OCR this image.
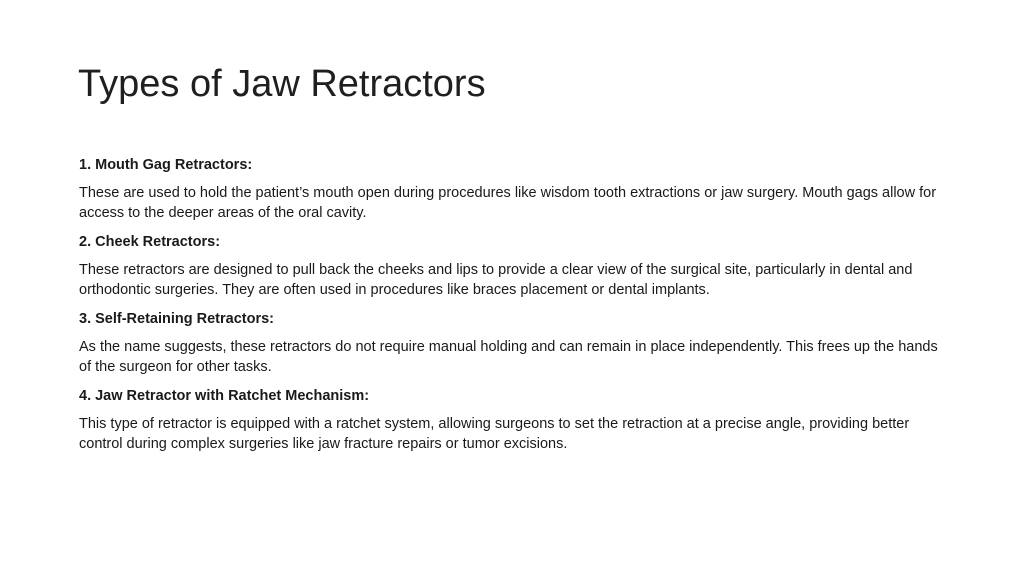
Types of Jaw Retractors

1. Mouth Gag Retractors:

These are used to hold the patient’s mouth open during procedures like wisdom tooth extractions or jaw surgery. Mouth gags allow for access to the deeper areas of the oral cavity.

2. Cheek Retractors:

These retractors are designed to pull back the cheeks and lips to provide a clear view of the surgical site, particularly in dental and orthodontic surgeries. They are often used in procedures like braces placement or dental implants.

3. Self-Retaining Retractors:

As the name suggests, these retractors do not require manual holding and can remain in place independently. This frees up the hands of the surgeon for other tasks.

4. Jaw Retractor with Ratchet Mechanism:

This type of retractor is equipped with a ratchet system, allowing surgeons to set the retraction at a precise angle, providing better control during complex surgeries like jaw fracture repairs or tumor excisions.
